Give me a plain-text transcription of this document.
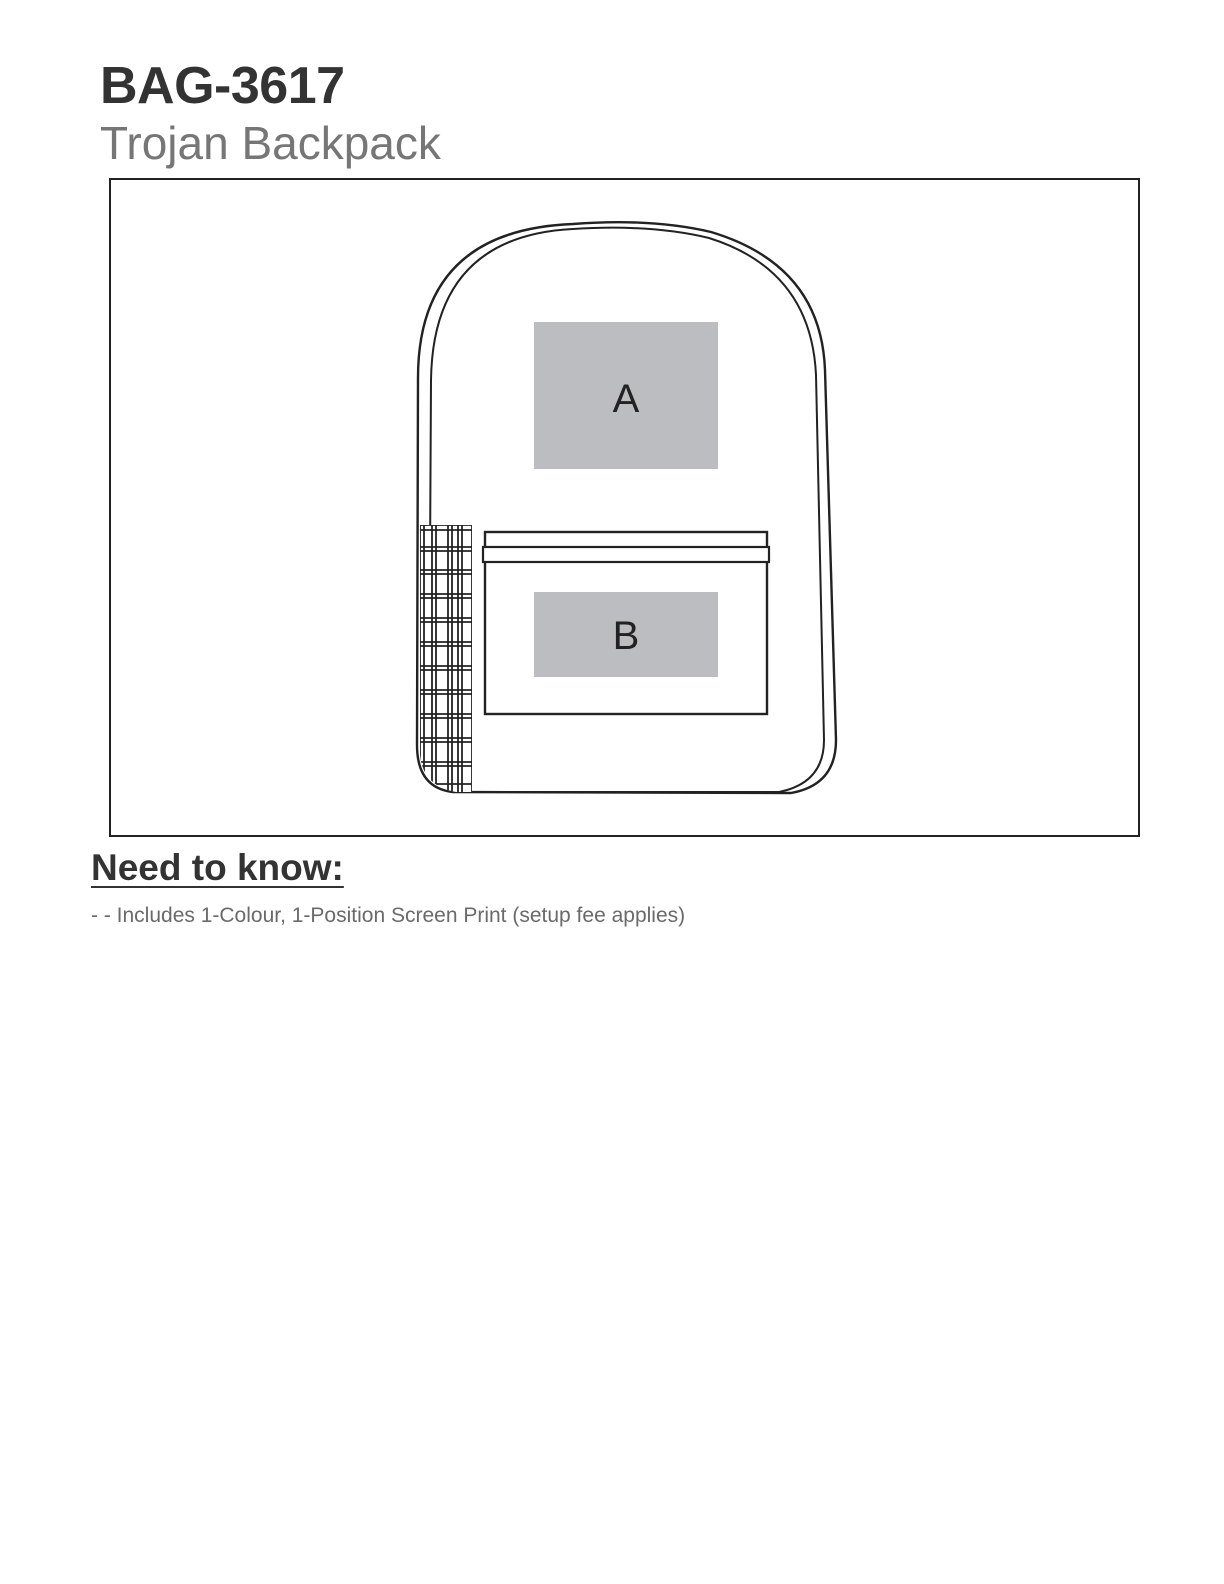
BAG-3617
Trojan Backpack
A
B
Need to know:
- - Includes 1-Colour, 1-Position Screen Print (setup fee applies)
